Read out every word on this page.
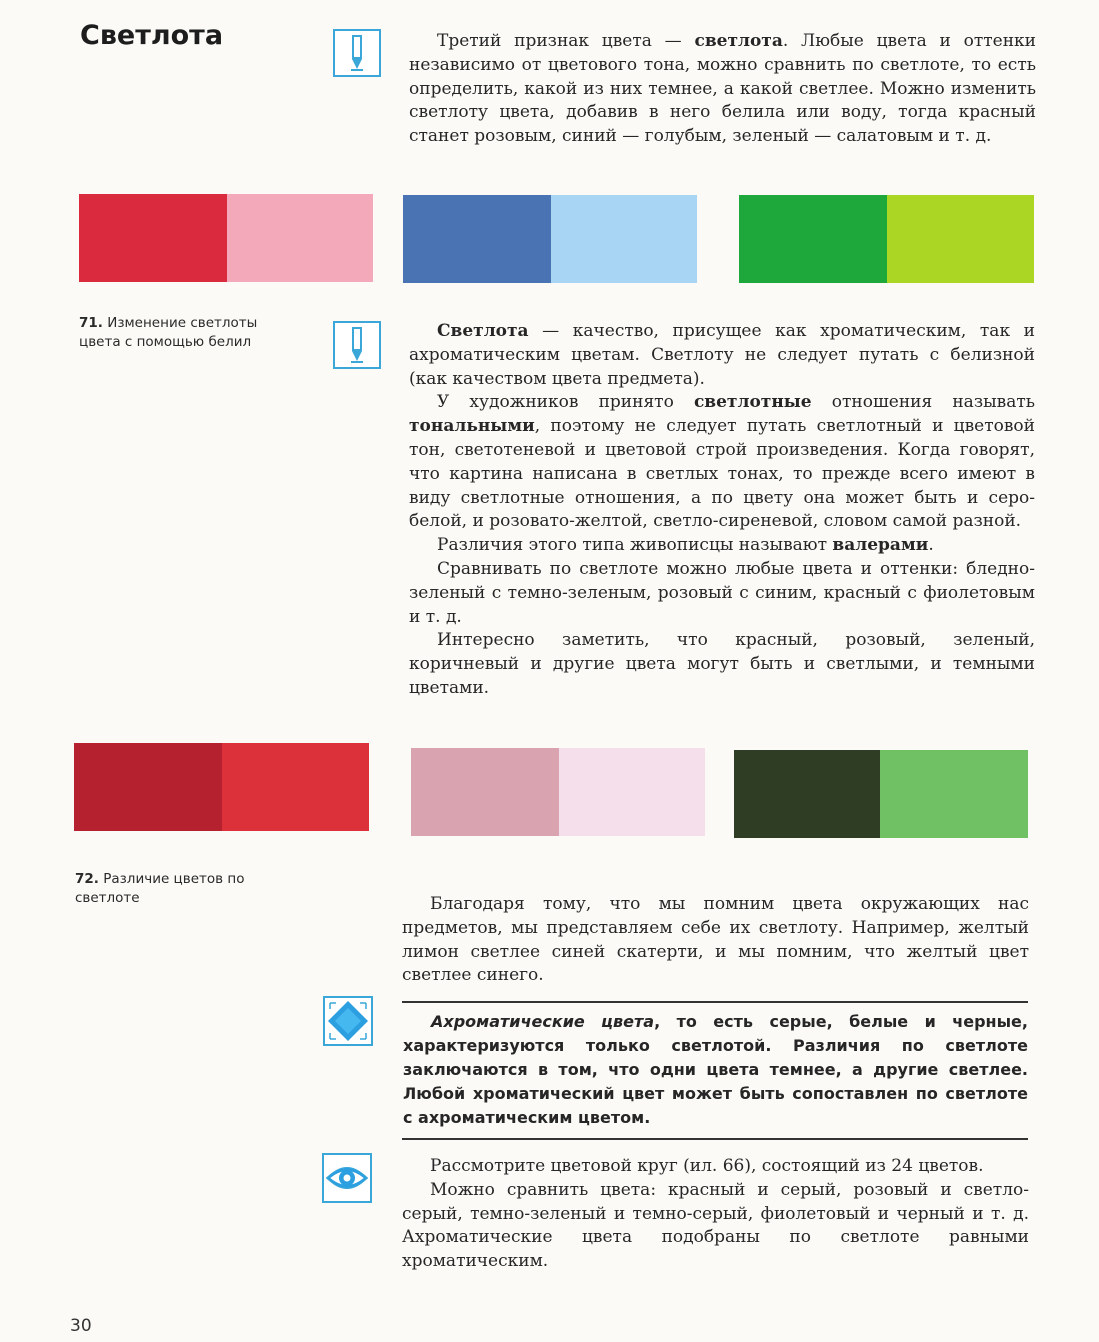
Светлота	Третий признак цвета — светлота. Любые цвета и оттенки независимо от цветового тона, можно сравнить по светлоте, то есть определить, какой из них темнее, а какой светлее. Можно изменить светлоту цвета, добавив в него белила или воду, тогда красный станет розовым, синий — голубым, зеленый — салатовым и т. д.

71. Изменение светлоты цвета с помощью белил

Светлота — качество, присущее как хроматическим, так и ахроматическим цветам. Светлоту не следует путать с белизной (как качеством цвета предмета).

У художников принято светлотные отношения называть тональными, поэтому не следует путать светлотный и цветовой тон, светотеневой и цветовой строй произведения. Когда говорят, что картина написана в светлых тонах, то прежде всего имеют в виду светлотные отношения, а по цвету она может быть и серо-белой, и розовато-желтой, светло-сиреневой, словом самой разной.

Различия этого типа живописцы называют валерами.

Сравнивать по светлоте можно любые цвета и оттенки: бледно-зеленый с темно-зеленым, розовый с синим, красный с фиолетовым и т. д.

Интересно заметить, что красный, розовый, зеленый, коричневый и другие цвета могут быть и светлыми, и темными цветами.

72. Различие цветов по светлоте	Благодаря тому, что мы помним цвета окружающих нас предметов, мы представляем себе их светлоту. Например, желтый лимон светлее синей скатерти, и мы помним, что желтый цвет светлее синего.

Ахроматические цвета, то есть серые, белые и черные, характеризуются только светлотой. Различия по светлоте заключаются в том, что одни цвета темнее, а другие светлее. Любой хроматический цвет может быть сопоставлен по светлоте с ахроматическим цветом.

Рассмотрите цветовой круг (ил. 66), состоящий из 24 цветов.

Можно сравнить цвета: красный и серый, розовый и светло-серый, темно-зеленый и темно-серый, фиолетовый и черный и т. д. Ахроматические цвета подобраны по светлоте равными хроматическим.

30
